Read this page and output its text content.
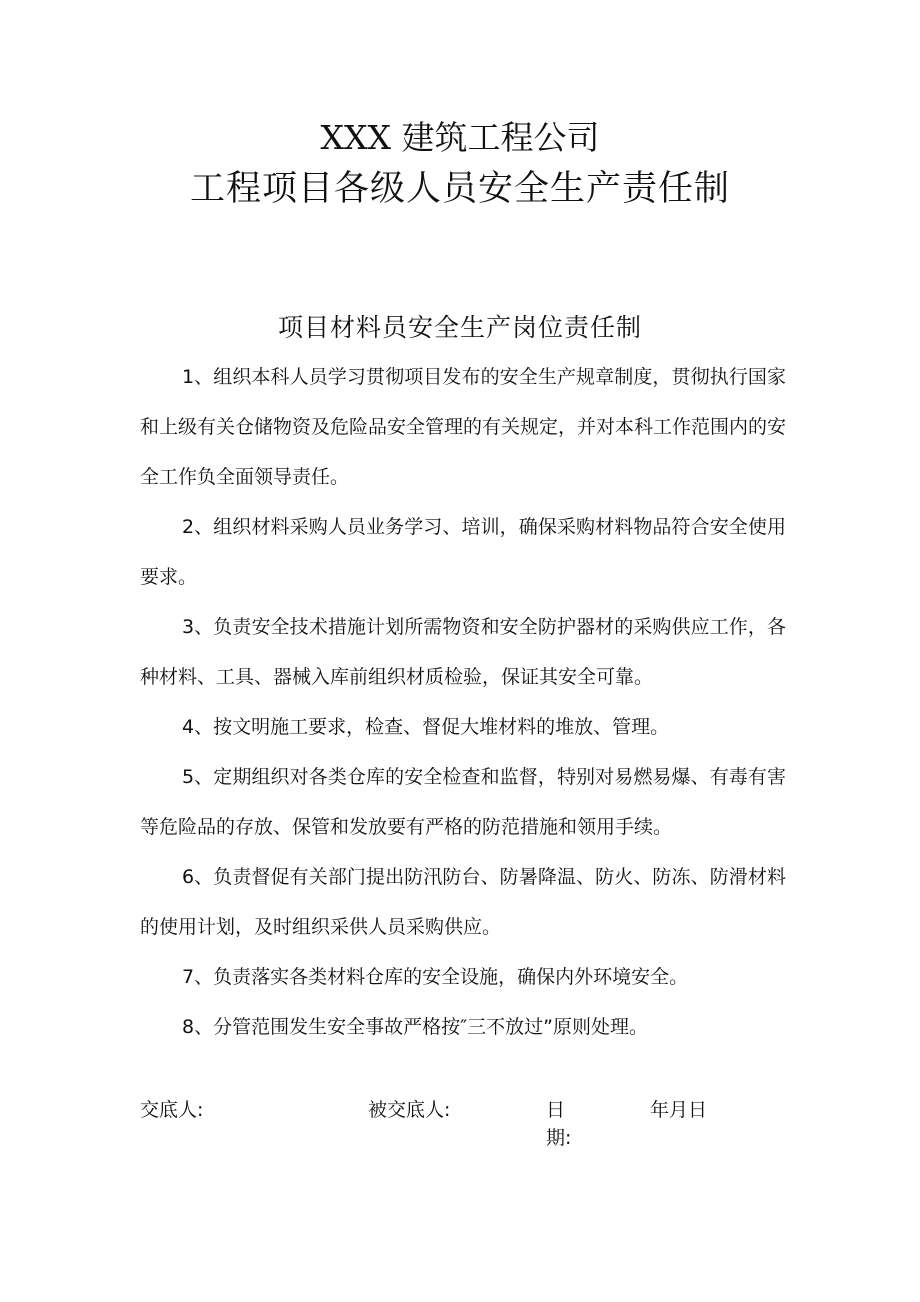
XXX 建筑工程公司
工程项目各级人员安全生产责任制
项目材料员安全生产岗位责任制

1、组织本科人员学习贯彻项目发布的安全生产规章制度，贯彻执行国家和上级有关仓储物资及危险品安全管理的有关规定，并对本科工作范围内的安全工作负全面领导责任。

2、组织材料采购人员业务学习、培训，确保采购材料物品符合安全使用要求。

3、负责安全技术措施计划所需物资和安全防护器材的采购供应工作，各种材料、工具、器械入库前组织材质检验，保证其安全可靠。

4、按文明施工要求，检查、督促大堆材料的堆放、管理。

5、定期组织对各类仓库的安全检查和监督，特别对易燃易爆、有毒有害等危险品的存放、保管和发放要有严格的防范措施和领用手续。

6、负责督促有关部门提出防汛防台、防暑降温、防火、防冻、防滑材料的使用计划，及时组织采供人员采购供应。

7、负责落实各类材料仓库的安全设施，确保内外环境安全。

8、分管范围发生安全事故严格按″三不放过”原则处理。

交底人:	被交底人:	日期:
年月日
